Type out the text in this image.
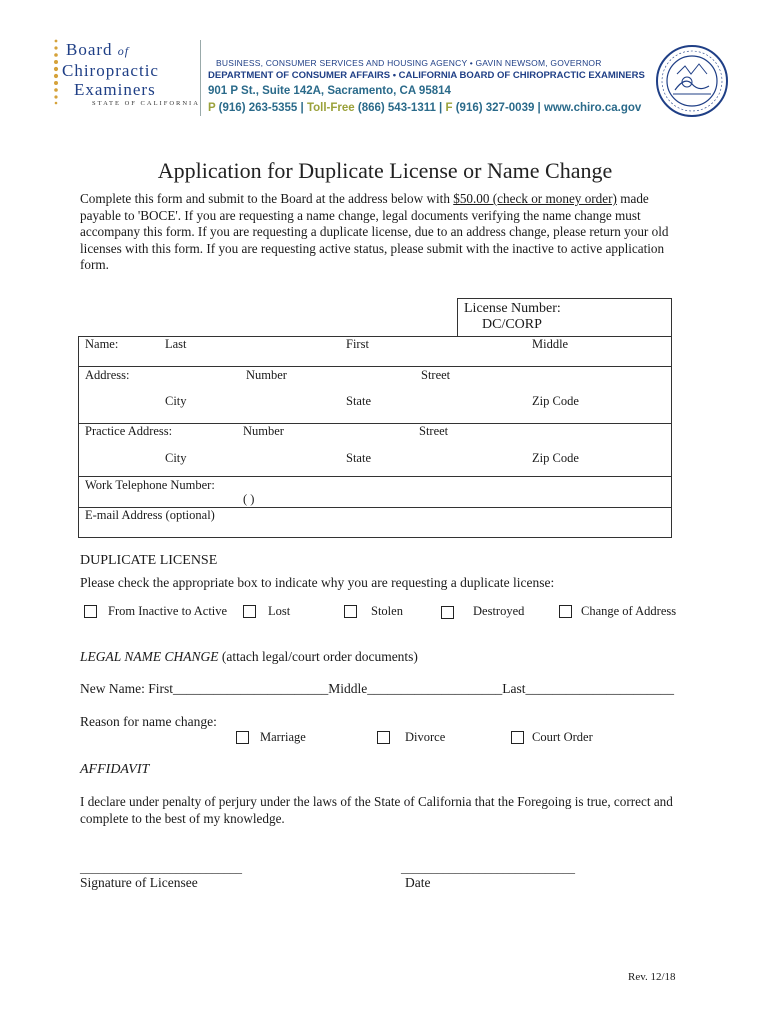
Board of
Chiropractic
Examiners
STATE OF CALIFORNIA
BUSINESS, CONSUMER SERVICES AND HOUSING AGENCY • GAVIN NEWSOM, GOVERNOR
DEPARTMENT OF CONSUMER AFFAIRS • CALIFORNIA BOARD OF CHIROPRACTIC EXAMINERS
901 P St., Suite 142A, Sacramento, CA 95814
P (916) 263-5355 | Toll-Free (866) 543-1311 | F (916) 327-0039 | www.chiro.ca.gov
Application for Duplicate License or Name Change
Complete this form and submit to the Board at the address below with $50.00 (check or money order) made payable to 'BOCE'. If you are requesting a name change, legal documents verifying the name change must accompany this form. If you are requesting a duplicate license, due to an address change, please return your old licenses with this form. If you are requesting active status, please submit with the inactive to active application form.
License Number:
DC/CORP
Name:	Last	First	Middle
Address:	Number	Street
City	State	Zip Code
Practice Address:	Number	Street
City	State	Zip Code
Work Telephone Number:
( )
E-mail Address (optional)
DUPLICATE LICENSE
Please check the appropriate box to indicate why you are requesting a duplicate license:
From Inactive to Active	Lost	Stolen	Destroyed	Change of Address
LEGAL NAME CHANGE (attach legal/court order documents)
New Name: First_______________________Middle____________________Last______________________
Reason for name change:
Marriage	Divorce	Court Order
AFFIDAVIT
I declare under penalty of perjury under the laws of the State of California that the Foregoing is true, correct and complete to the best of my knowledge.
___________________________	_____________________________
Signature of Licensee	Date
Rev. 12/18
